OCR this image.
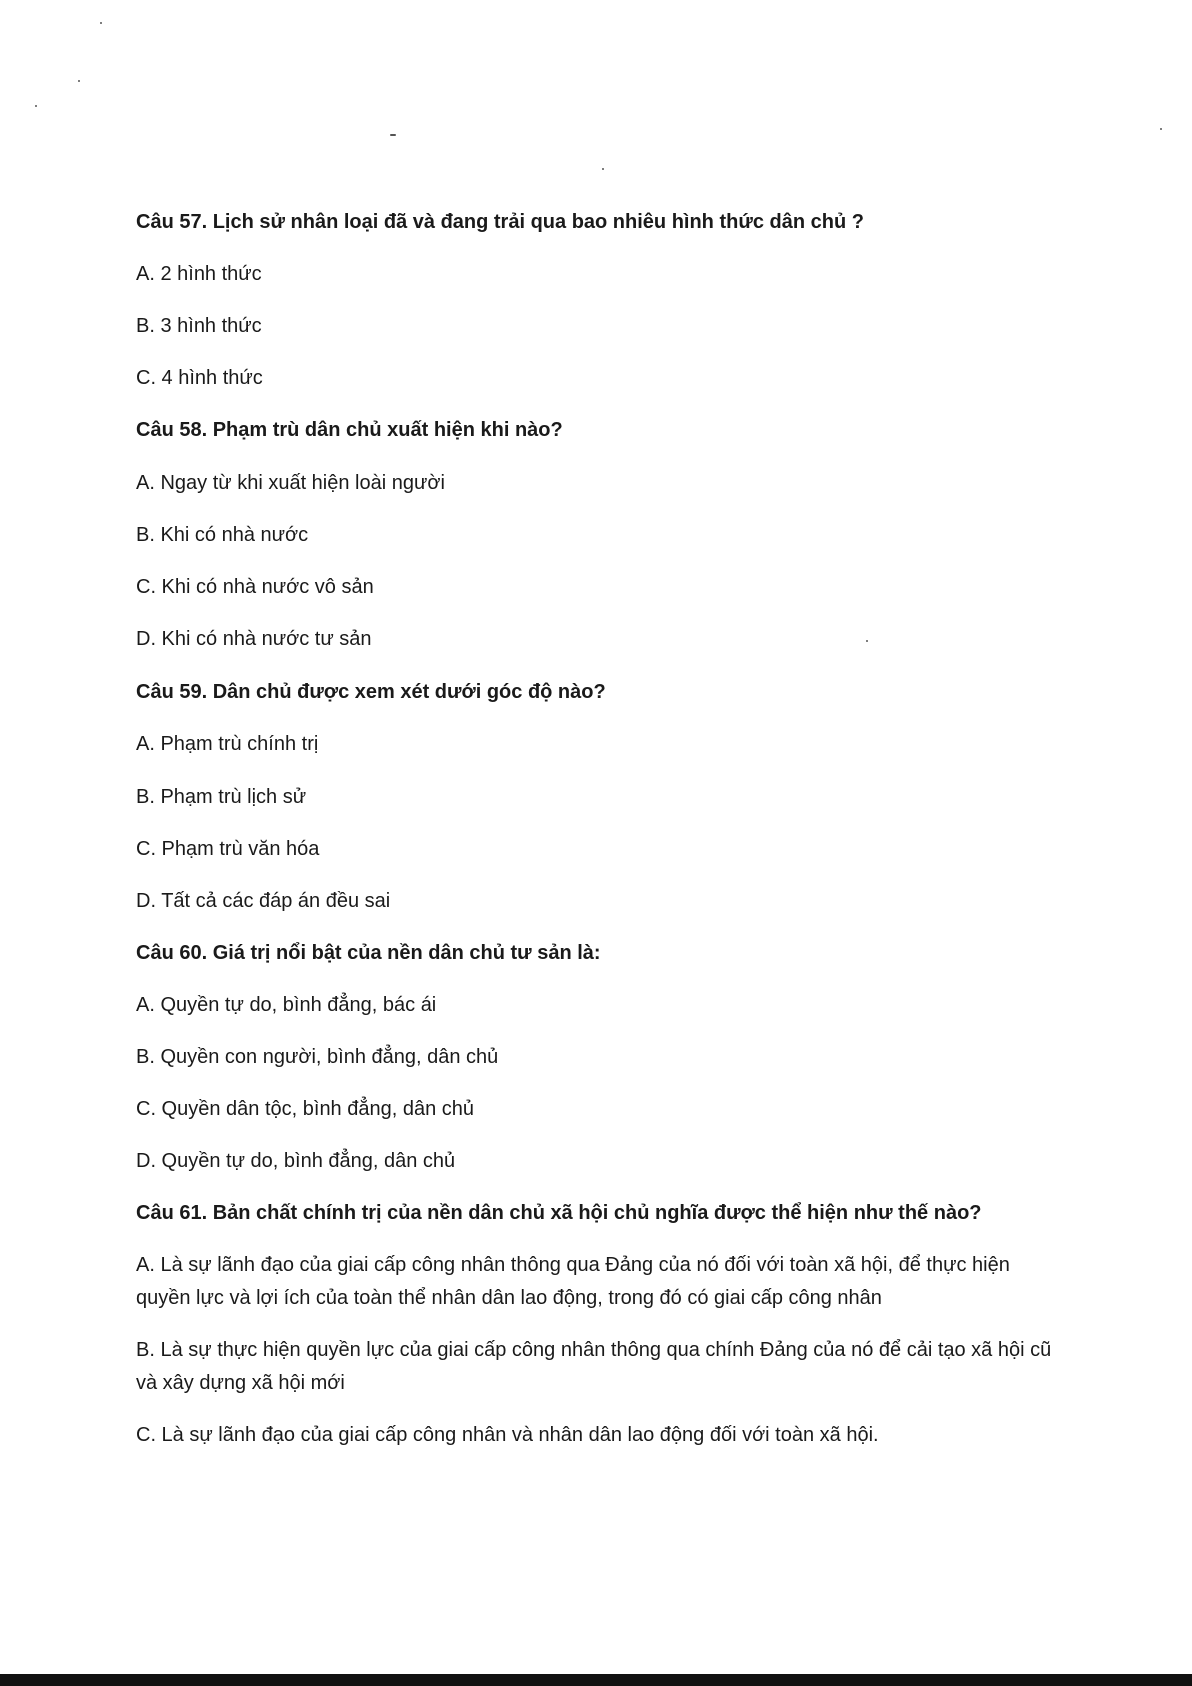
Câu 57. Lịch sử nhân loại đã và đang trải qua bao nhiêu hình thức dân chủ ?
A. 2 hình thức
B. 3 hình thức
C. 4 hình thức
Câu 58. Phạm trù dân chủ xuất hiện khi nào?
A. Ngay từ khi xuất hiện loài người
B. Khi có nhà nước
C. Khi có nhà nước vô sản
D. Khi có nhà nước tư sản
Câu 59. Dân chủ được xem xét dưới góc độ nào?
A. Phạm trù chính trị
B. Phạm trù lịch sử
C. Phạm trù văn hóa
D. Tất cả các đáp án đều sai
Câu 60. Giá trị nổi bật của nền dân chủ tư sản là:
A. Quyền tự do, bình đẳng, bác ái
B. Quyền con người, bình đẳng, dân chủ
C. Quyền dân tộc, bình đẳng, dân chủ
D. Quyền tự do, bình đẳng, dân chủ
Câu 61. Bản chất chính trị của nền dân chủ xã hội chủ nghĩa được thể hiện như thế nào?
A. Là sự lãnh đạo của giai cấp công nhân thông qua Đảng của nó đối với toàn xã hội, để thực hiện quyền lực và lợi ích của toàn thể nhân dân lao động, trong đó có giai cấp công nhân
B. Là sự thực hiện quyền lực của giai cấp công nhân thông qua chính Đảng của nó để cải tạo xã hội cũ và xây dựng xã hội mới
C. Là sự lãnh đạo của giai cấp công nhân và nhân dân lao động đối với toàn xã hội.
